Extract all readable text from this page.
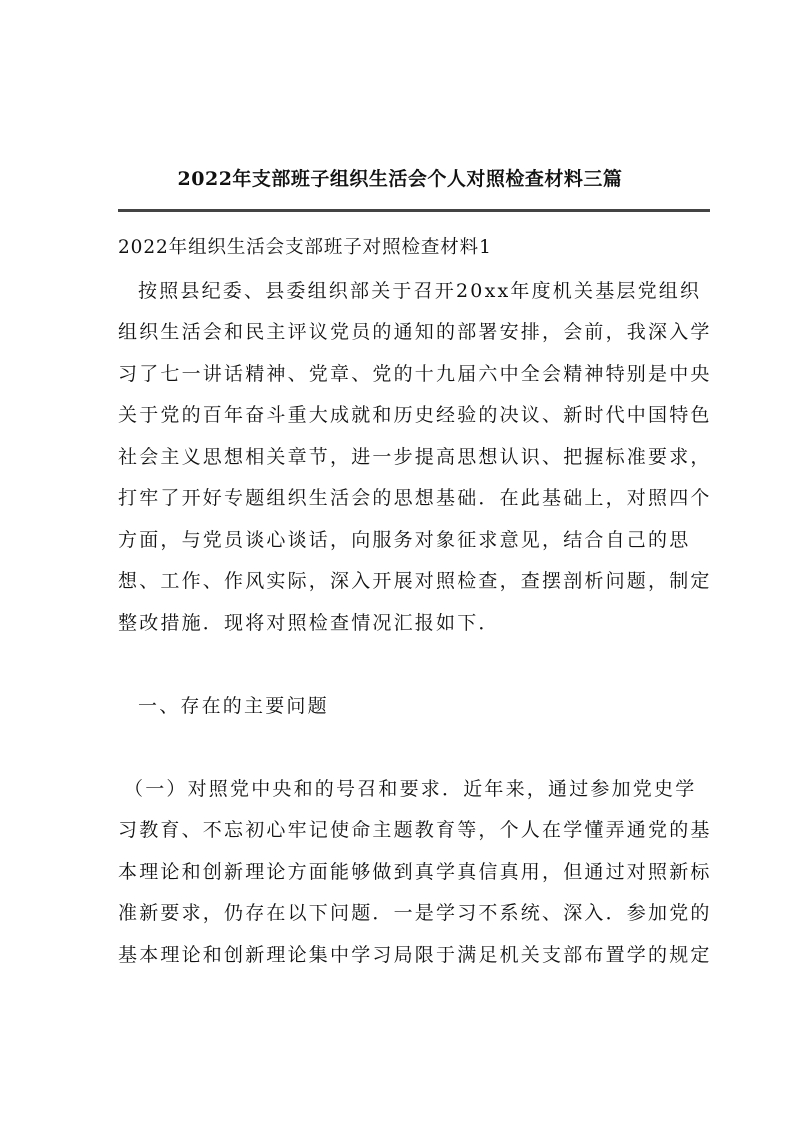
2022年支部班子组织生活会个人对照检查材料三篇
2022年组织生活会支部班子对照检查材料1
按照县纪委、县委组织部关于召开20xx年度机关基层党组织
组织生活会和民主评议党员的通知的部署安排，会前，我深入学
习了七一讲话精神、党章、党的十九届六中全会精神特别是中央
关于党的百年奋斗重大成就和历史经验的决议、新时代中国特色
社会主义思想相关章节，进一步提高思想认识、把握标准要求，
打牢了开好专题组织生活会的思想基础．在此基础上，对照四个
方面，与党员谈心谈话，向服务对象征求意见，结合自己的思
想、工作、作风实际，深入开展对照检查，查摆剖析问题，制定
整改措施．现将对照检查情况汇报如下．
一、存在的主要问题
（一）对照党中央和的号召和要求．近年来，通过参加党史学
习教育、不忘初心牢记使命主题教育等，个人在学懂弄通党的基
本理论和创新理论方面能够做到真学真信真用，但通过对照新标
准新要求，仍存在以下问题．一是学习不系统、深入．参加党的
基本理论和创新理论集中学习局限于满足机关支部布置学的规定
